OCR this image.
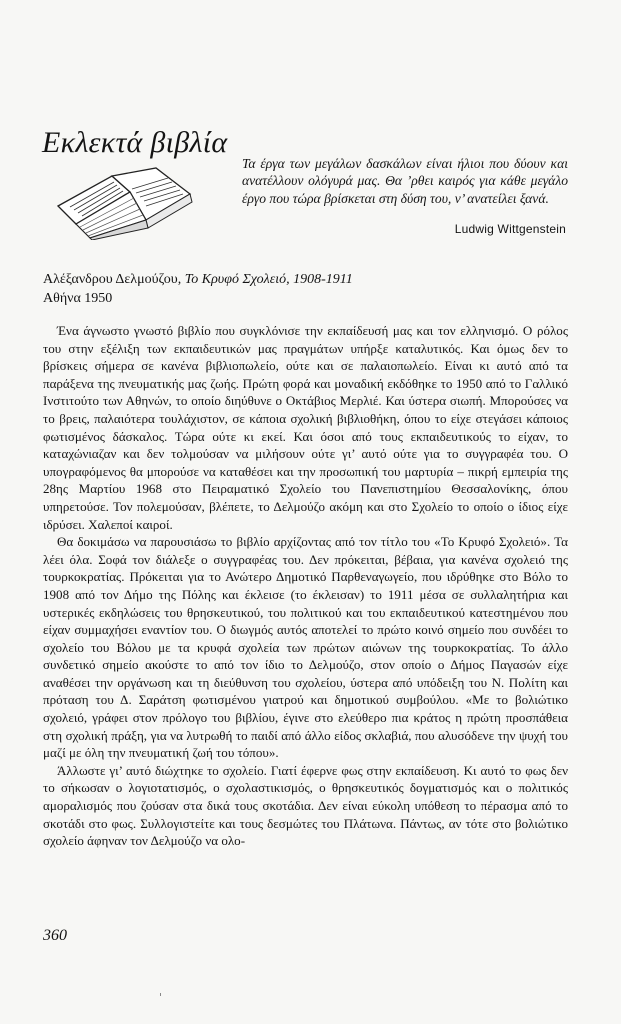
Εκλεκτά βιβλία
Τα έργα των μεγάλων δασκάλων είναι ήλιοι που δύουν και ανατέλλουν ολόγυρά μας. Θα ’ρθει καιρός για κάθε μεγάλο έργο που τώρα βρίσκεται στη δύση του, ν’ ανατείλει ξανά.
Ludwig Wittgenstein
Αλέξανδρου Δελμούζου, Το Κρυφό Σχολειό, 1908-1911
Αθήνα 1950

Ένα άγνωστο γνωστό βιβλίο που συγκλόνισε την εκπαίδευσή μας και τον ελληνισμό. Ο ρόλος του στην εξέλιξη των εκπαιδευτικών μας πραγμάτων υπήρξε καταλυτικός. Και όμως δεν το βρίσκεις σήμερα σε κανένα βιβλιοπωλείο, ούτε και σε παλαιοπωλείο. Είναι κι αυτό από τα παράξενα της πνευματικής μας ζωής. Πρώτη φορά και μοναδική εκδόθηκε το 1950 από το Γαλλικό Ινστιτούτο των Αθηνών, το οποίο διηύθυνε ο Οκτάβιος Μερλιέ. Και ύστερα σιωπή. Μπορούσες να το βρεις, παλαιότερα τουλάχιστον, σε κάποια σχολική βιβλιοθήκη, όπου το είχε στεγάσει κάποιος φωτισμένος δάσκαλος. Τώρα ούτε κι εκεί. Και όσοι από τους εκπαιδευτικούς το είχαν, το καταχώνιαζαν και δεν τολμούσαν να μιλήσουν ούτε γι’ αυτό ούτε για το συγγραφέα του. Ο υπογραφόμενος θα μπορούσε να καταθέσει και την προσωπική του μαρτυρία – πικρή εμπειρία της 28ης Μαρτίου 1968 στο Πειραματικό Σχολείο του Πανεπιστημίου Θεσσαλονίκης, όπου υπηρετούσε. Τον πολεμούσαν, βλέπετε, το Δελμούζο ακόμη και στο Σχολείο το οποίο ο ίδιος είχε ιδρύσει. Χαλεποί καιροί.

Θα δοκιμάσω να παρουσιάσω το βιβλίο αρχίζοντας από τον τίτλο του «Το Κρυφό Σχολειό». Τα λέει όλα. Σοφά τον διάλεξε ο συγγραφέας του. Δεν πρόκειται, βέβαια, για κανένα σχολειό της τουρκοκρατίας. Πρόκειται για το Ανώτερο Δημοτικό Παρθεναγωγείο, που ιδρύθηκε στο Βόλο το 1908 από τον Δήμο της Πόλης και έκλεισε (το έκλεισαν) το 1911 μέσα σε συλλαλητήρια και υστερικές εκδηλώσεις του θρησκευτικού, του πολιτικού και του εκπαιδευτικού κατεστημένου που είχαν συμμαχήσει εναντίον του. Ο διωγμός αυτός αποτελεί το πρώτο κοινό σημείο που συνδέει το σχολείο του Βόλου με τα κρυφά σχολεία των πρώτων αιώνων της τουρκοκρατίας. Το άλλο συνδετικό σημείο ακούστε το από τον ίδιο το Δελμούζο, στον οποίο ο Δήμος Παγασών είχε αναθέσει την οργάνωση και τη διεύθυνση του σχολείου, ύστερα από υπόδειξη του Ν. Πολίτη και πρόταση του Δ. Σαράτση φωτισμένου γιατρού και δημοτικού συμβούλου. «Με το βολιώτικο σχολειό, γράφει στον πρόλογο του βιβλίου, έγινε στο ελεύθερο πια κράτος η πρώτη προσπάθεια στη σχολική πράξη, για να λυτρωθή το παιδί από άλλο είδος σκλαβιά, που αλυσόδενε την ψυχή του μαζί με όλη την πνευματική ζωή του τόπου».

Άλλωστε γι’ αυτό διώχτηκε το σχολείο. Γιατί έφερνε φως στην εκπαίδευση. Κι αυτό το φως δεν το σήκωσαν ο λογιοτατισμός, ο σχολαστικισμός, ο θρησκευτικός δογματισμός και ο πολιτικός αμοραλισμός που ζούσαν στα δικά τους σκοτάδια. Δεν είναι εύκολη υπόθεση το πέρασμα από το σκοτάδι στο φως. Συλλογιστείτε και τους δεσμώτες του Πλάτωνα. Πάντως, αν τότε στο βολιώτικο σχολείο άφηναν τον Δελμούζο να ολο-

360
